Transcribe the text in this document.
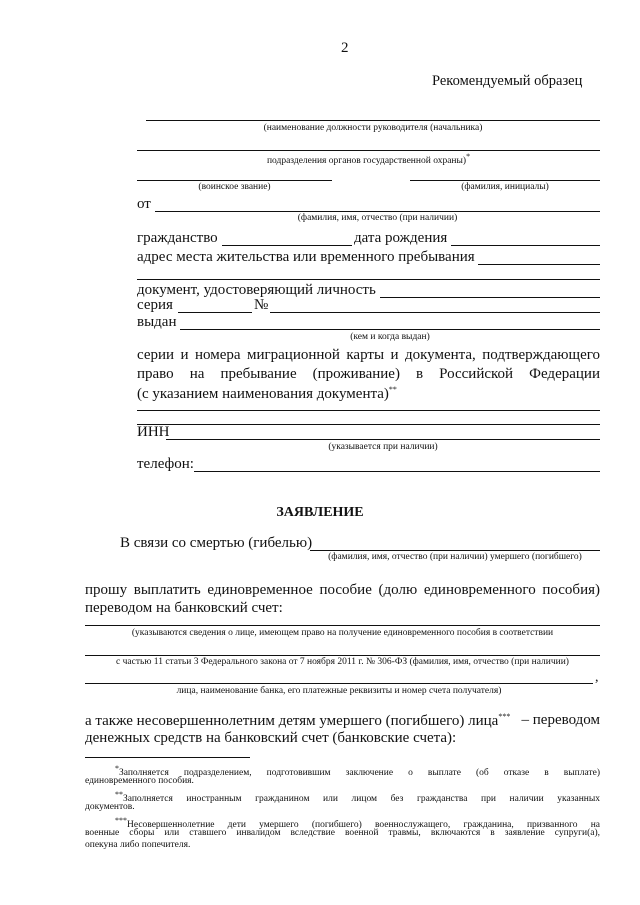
2
Рекомендуемый образец
(наименование должности руководителя (начальника)
подразделения органов государственной охраны)*
(воинское звание)	(фамилия, инициалы)
от
(фамилия, имя, отчество (при наличии)
гражданство	дата рождения
адрес места жительства или временного пребывания
документ, удостоверяющий личность
серия	№
выдан
(кем и когда выдан)
серии и номера миграционной карты и документа, подтверждающего
право на пребывание (проживание) в Российской Федерации
(с указанием наименования документа)**
ИНН
(указывается при наличии)
телефон:
ЗАЯВЛЕНИЕ
В связи со смертью (гибелью)
(фамилия, имя, отчество (при наличии) умершего (погибшего)
прошу выплатить единовременное пособие (долю единовременного пособия)
переводом на банковский счет:
(указываются сведения о лице, имеющем право на получение единовременного пособия в соответствии
с частью 11 статьи 3 Федерального закона от 7 ноября 2011 г. № 306-ФЗ (фамилия, имя, отчество (при наличии)
,
лица, наименование банка, его платежные реквизиты и номер счета получателя)
а также несовершеннолетним детям умершего (погибшего) лица*** – переводом
денежных средств на банковский счет (банковские счета):
*Заполняется подразделением, подготовившим заключение о выплате (об отказе в выплате)
единовременного пособия.
**Заполняется иностранным гражданином или лицом без гражданства при наличии указанных
документов.
***Несовершеннолетние дети умершего (погибшего) военнослужащего, гражданина, призванного на
военные сборы или ставшего инвалидом вследствие военной травмы, включаются в заявление супруги(а),
опекуна либо попечителя.
